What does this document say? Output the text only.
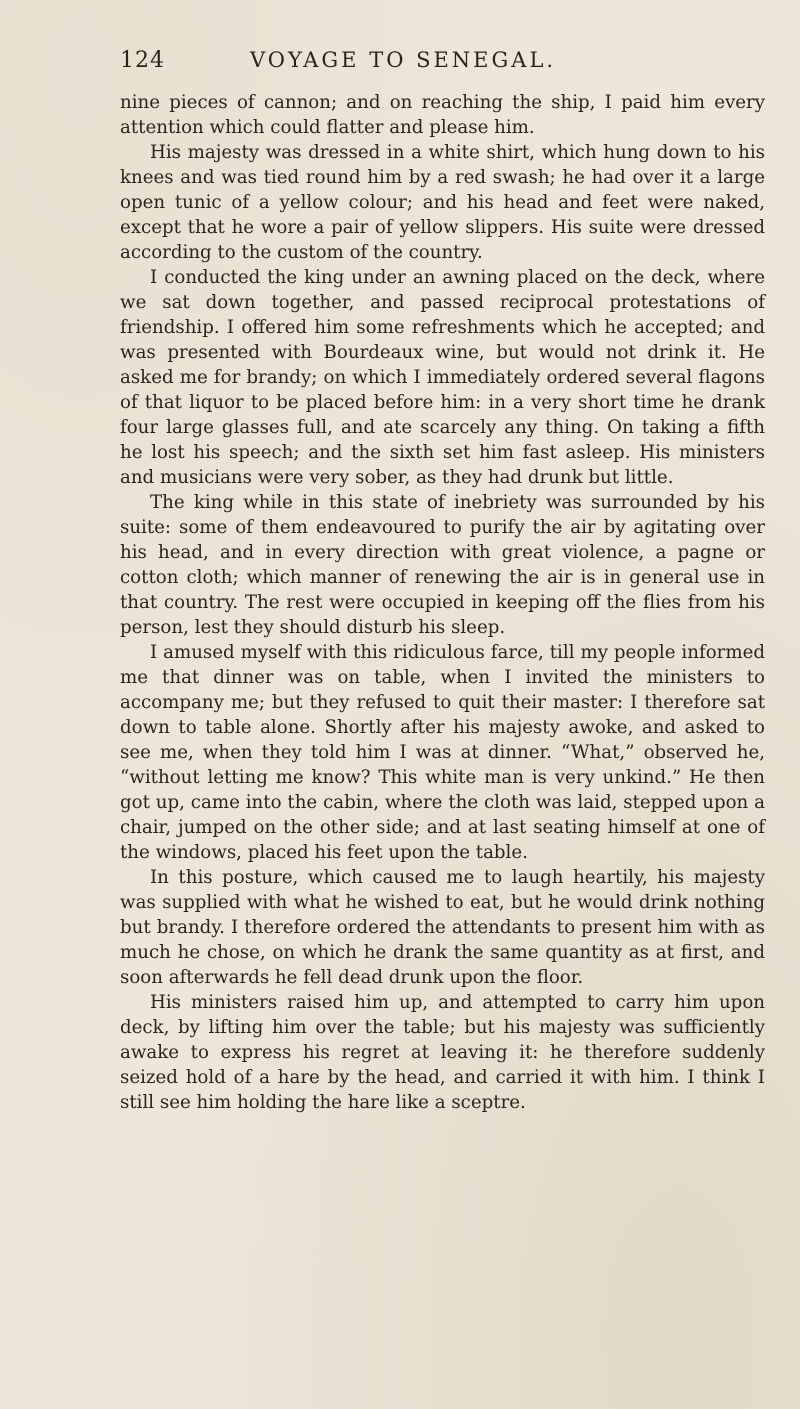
124	VOYAGE TO SENEGAL.

nine pieces of cannon; and on reaching the ship, I paid him every attention which could flatter and please him.

His majesty was dressed in a white shirt, which hung down to his knees and was tied round him by a red swash; he had over it a large open tunic of a yellow colour; and his head and feet were naked, except that he wore a pair of yellow slippers. His suite were dressed according to the custom of the country.

I conducted the king under an awning placed on the deck, where we sat down together, and passed reciprocal protestations of friendship. I offered him some refreshments which he accepted; and was presented with Bourdeaux wine, but would not drink it. He asked me for brandy; on which I immediately ordered several flagons of that liquor to be placed before him: in a very short time he drank four large glasses full, and ate scarcely any thing. On taking a fifth he lost his speech; and the sixth set him fast asleep. His ministers and musicians were very sober, as they had drunk but little.

The king while in this state of inebriety was surrounded by his suite: some of them endeavoured to purify the air by agitating over his head, and in every direction with great violence, a pagne or cotton cloth; which manner of renewing the air is in general use in that country. The rest were occupied in keeping off the flies from his person, lest they should disturb his sleep.

I amused myself with this ridiculous farce, till my people informed me that dinner was on table, when I invited the ministers to accompany me; but they refused to quit their master: I therefore sat down to table alone. Shortly after his majesty awoke, and asked to see me, when they told him I was at dinner. “What,” observed he, “without letting me know? This white man is very unkind.” He then got up, came into the cabin, where the cloth was laid, stepped upon a chair, jumped on the other side; and at last seating himself at one of the windows, placed his feet upon the table.

In this posture, which caused me to laugh heartily, his majesty was supplied with what he wished to eat, but he would drink nothing but brandy. I therefore ordered the attendants to present him with as much he chose, on which he drank the same quantity as at first, and soon afterwards he fell dead drunk upon the floor.

His ministers raised him up, and attempted to carry him upon deck, by lifting him over the table; but his majesty was sufficiently awake to express his regret at leaving it: he therefore suddenly seized hold of a hare by the head, and carried it with him. I think I still see him holding the hare like a sceptre.
